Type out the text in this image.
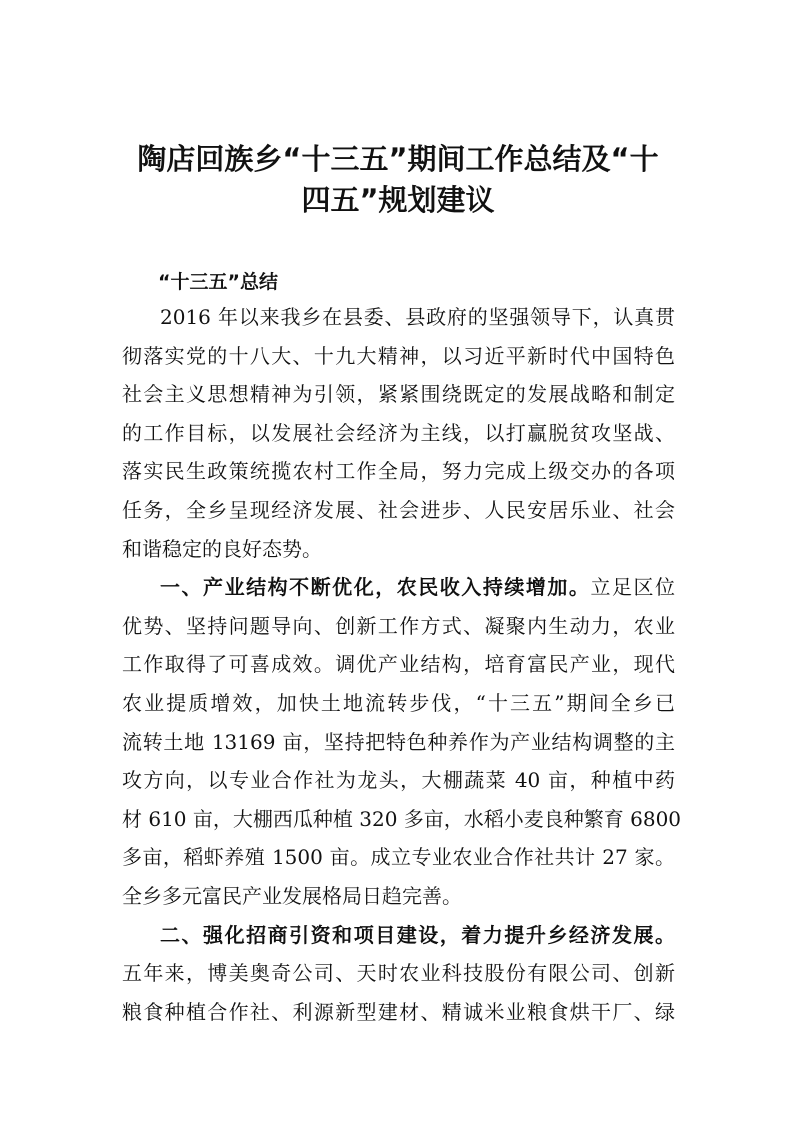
陶店回族乡“十三五”期间工作总结及“十
四五”规划建议
“十三五”总结
2016 年以来我乡在县委、县政府的坚强领导下，认真贯
彻落实党的十八大、十九大精神，以习近平新时代中国特色
社会主义思想精神为引领，紧紧围绕既定的发展战略和制定
的工作目标，以发展社会经济为主线，以打赢脱贫攻坚战、
落实民生政策统揽农村工作全局，努力完成上级交办的各项
任务，全乡呈现经济发展、社会进步、人民安居乐业、社会
和谐稳定的良好态势。
一、产业结构不断优化，农民收入持续增加。立足区位
优势、坚持问题导向、创新工作方式、凝聚内生动力，农业
工作取得了可喜成效。调优产业结构，培育富民产业，现代
农业提质增效，加快土地流转步伐，“十三五”期间全乡已
流转土地 13169 亩，坚持把特色种养作为产业结构调整的主
攻方向，以专业合作社为龙头，大棚蔬菜 40 亩，种植中药
材 610 亩，大棚西瓜种植 320 多亩，水稻小麦良种繁育 6800
多亩，稻虾养殖 1500 亩。成立专业农业合作社共计 27 家。
全乡多元富民产业发展格局日趋完善。
二、强化招商引资和项目建设，着力提升乡经济发展。
五年来，博美奥奇公司、天时农业科技股份有限公司、创新
粮食种植合作社、利源新型建材、精诚米业粮食烘干厂、绿
